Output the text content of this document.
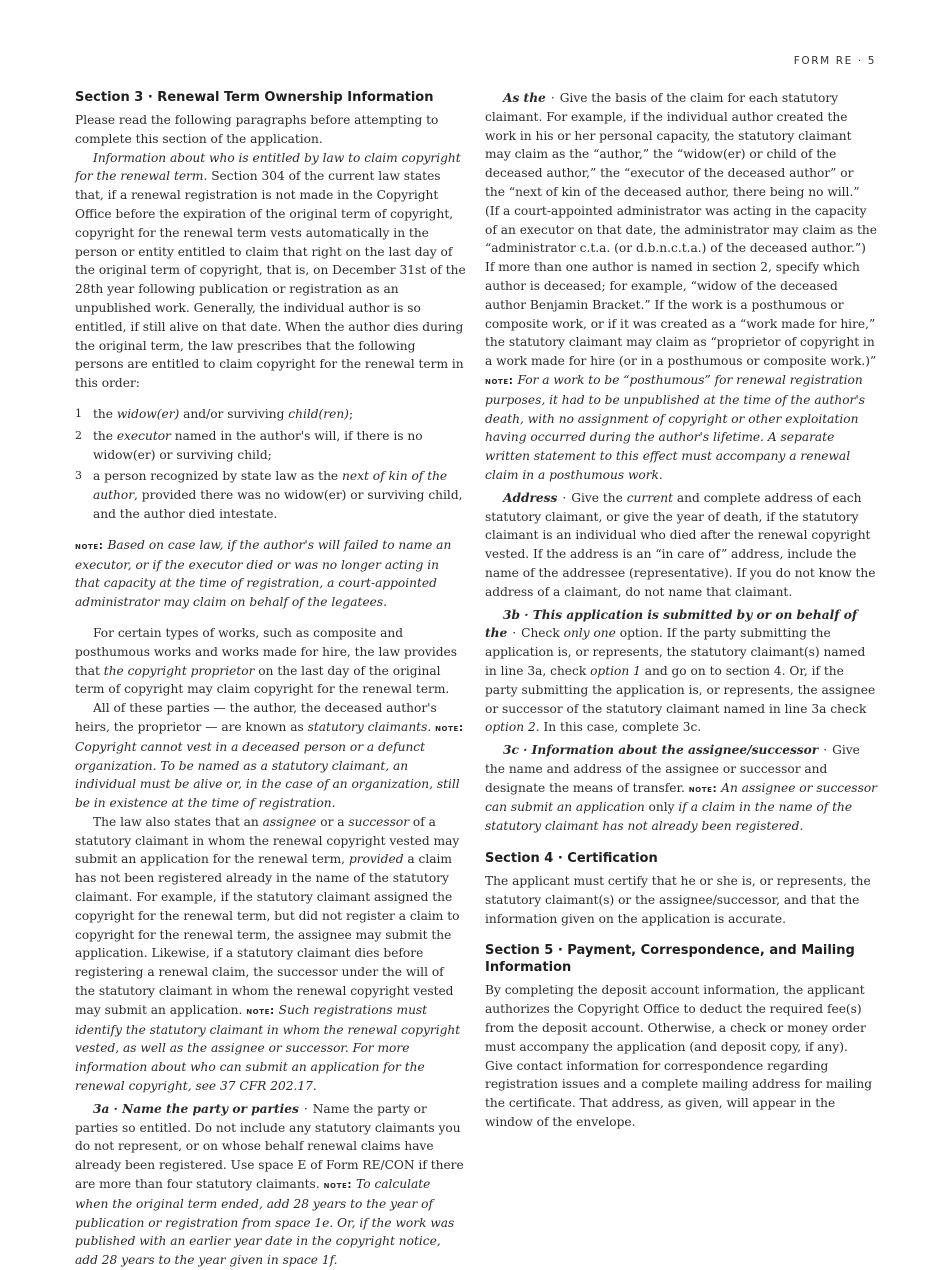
FORM RE · 5
Section 3 · Renewal Term Ownership Information

Please read the following paragraphs before attempting to complete this section of the application.

Information about who is entitled by law to claim copyright for the renewal term. Section 304 of the current law states that, if a renewal registration is not made in the Copyright Office before the expiration of the original term of copyright, copyright for the renewal term vests automatically in the person or entity entitled to claim that right on the last day of the original term of copyright, that is, on December 31st of the 28th year following publication or registration as an unpublished work. Generally, the individual author is so entitled, if still alive on that date. When the author dies during the original term, the law prescribes that the following persons are entitled to claim copyright for the renewal term in this order:

1 the widow(er) and/or surviving child(ren);
2 the executor named in the author's will, if there is no widow(er) or surviving child;
3 a person recognized by state law as the next of kin of the author, provided there was no widow(er) or surviving child, and the author died intestate.

note : Based on case law, if the author's will failed to name an executor, or if the executor died or was no longer acting in that capacity at the time of registration, a court-appointed administrator may claim on behalf of the legatees.

For certain types of works, such as composite and posthumous works and works made for hire, the law provides that the copyright proprietor on the last day of the original term of copyright may claim copyright for the renewal term.

All of these parties — the author, the deceased author's heirs, the proprietor — are known as statutory claimants. note : Copyright cannot vest in a deceased person or a defunct organization. To be named as a statutory claimant, an individual must be alive or, in the case of an organization, still be in existence at the time of registration.

The law also states that an assignee or a successor of a statutory claimant in whom the renewal copyright vested may submit an application for the renewal term, provided a claim has not been registered already in the name of the statutory claimant. For example, if the statutory claimant assigned the copyright for the renewal term, but did not register a claim to copyright for the renewal term, the assignee may submit the application. Likewise, if a statutory claimant dies before registering a renewal claim, the successor under the will of the statutory claimant in whom the renewal copyright vested may submit an application. note : Such registrations must identify the statutory claimant in whom the renewal copyright vested, as well as the assignee or successor. For more information about who can submit an application for the renewal copyright, see 37 CFR 202.17.

3a · Name the party or parties · Name the party or parties so entitled. Do not include any statutory claimants you do not represent, or on whose behalf renewal claims have already been registered. Use space E of Form RE/CON if there are more than four statutory claimants. note : To calculate when the original term ended, add 28 years to the year of publication or registration from space 1e. Or, if the work was published with an earlier year date in the copyright notice, add 28 years to the year given in space 1f.

As the · Give the basis of the claim for each statutory claimant. For example, if the individual author created the work in his or her personal capacity, the statutory claimant may claim as the “author,” the “widow(er) or child of the deceased author,” the “executor of the deceased author” or the “next of kin of the deceased author, there being no will.” (If a court-appointed administrator was acting in the capacity of an executor on that date, the administrator may claim as the “administrator c.t.a. (or d.b.n.c.t.a.) of the deceased author.”) If more than one author is named in section 2, specify which author is deceased; for example, “widow of the deceased author Benjamin Bracket.” If the work is a posthumous or composite work, or if it was created as a “work made for hire,” the statutory claimant may claim as “proprietor of copyright in a work made for hire (or in a posthumous or composite work.)” note : For a work to be “posthumous” for renewal registration purposes, it had to be unpublished at the time of the author's death, with no assignment of copyright or other exploitation having occurred during the author's lifetime. A separate written statement to this effect must accompany a renewal claim in a posthumous work.

Address · Give the current and complete address of each statutory claimant, or give the year of death, if the statutory claimant is an individual who died after the renewal copyright vested. If the address is an “in care of” address, include the name of the addressee (representative). If you do not know the address of a claimant, do not name that claimant.

3b · This application is submitted by or on behalf of the · Check only one option. If the party submitting the application is, or represents, the statutory claimant(s) named in line 3a, check option 1 and go on to section 4. Or, if the party submitting the application is, or represents, the assignee or successor of the statutory claimant named in line 3a check option 2. In this case, complete 3c.

3c · Information about the assignee/successor · Give the name and address of the assignee or successor and designate the means of transfer. note : An assignee or successor can submit an application only if a claim in the name of the statutory claimant has not already been registered.

Section 4 · Certification

The applicant must certify that he or she is, or represents, the statutory claimant(s) or the assignee/successor, and that the information given on the application is accurate.

Section 5 · Payment, Correspondence, and Mailing Information

By completing the deposit account information, the applicant authorizes the Copyright Office to deduct the required fee(s) from the deposit account. Otherwise, a check or money order must accompany the application (and deposit copy, if any). Give contact information for correspondence regarding registration issues and a complete mailing address for mailing the certificate. That address, as given, will appear in the window of the envelope.
